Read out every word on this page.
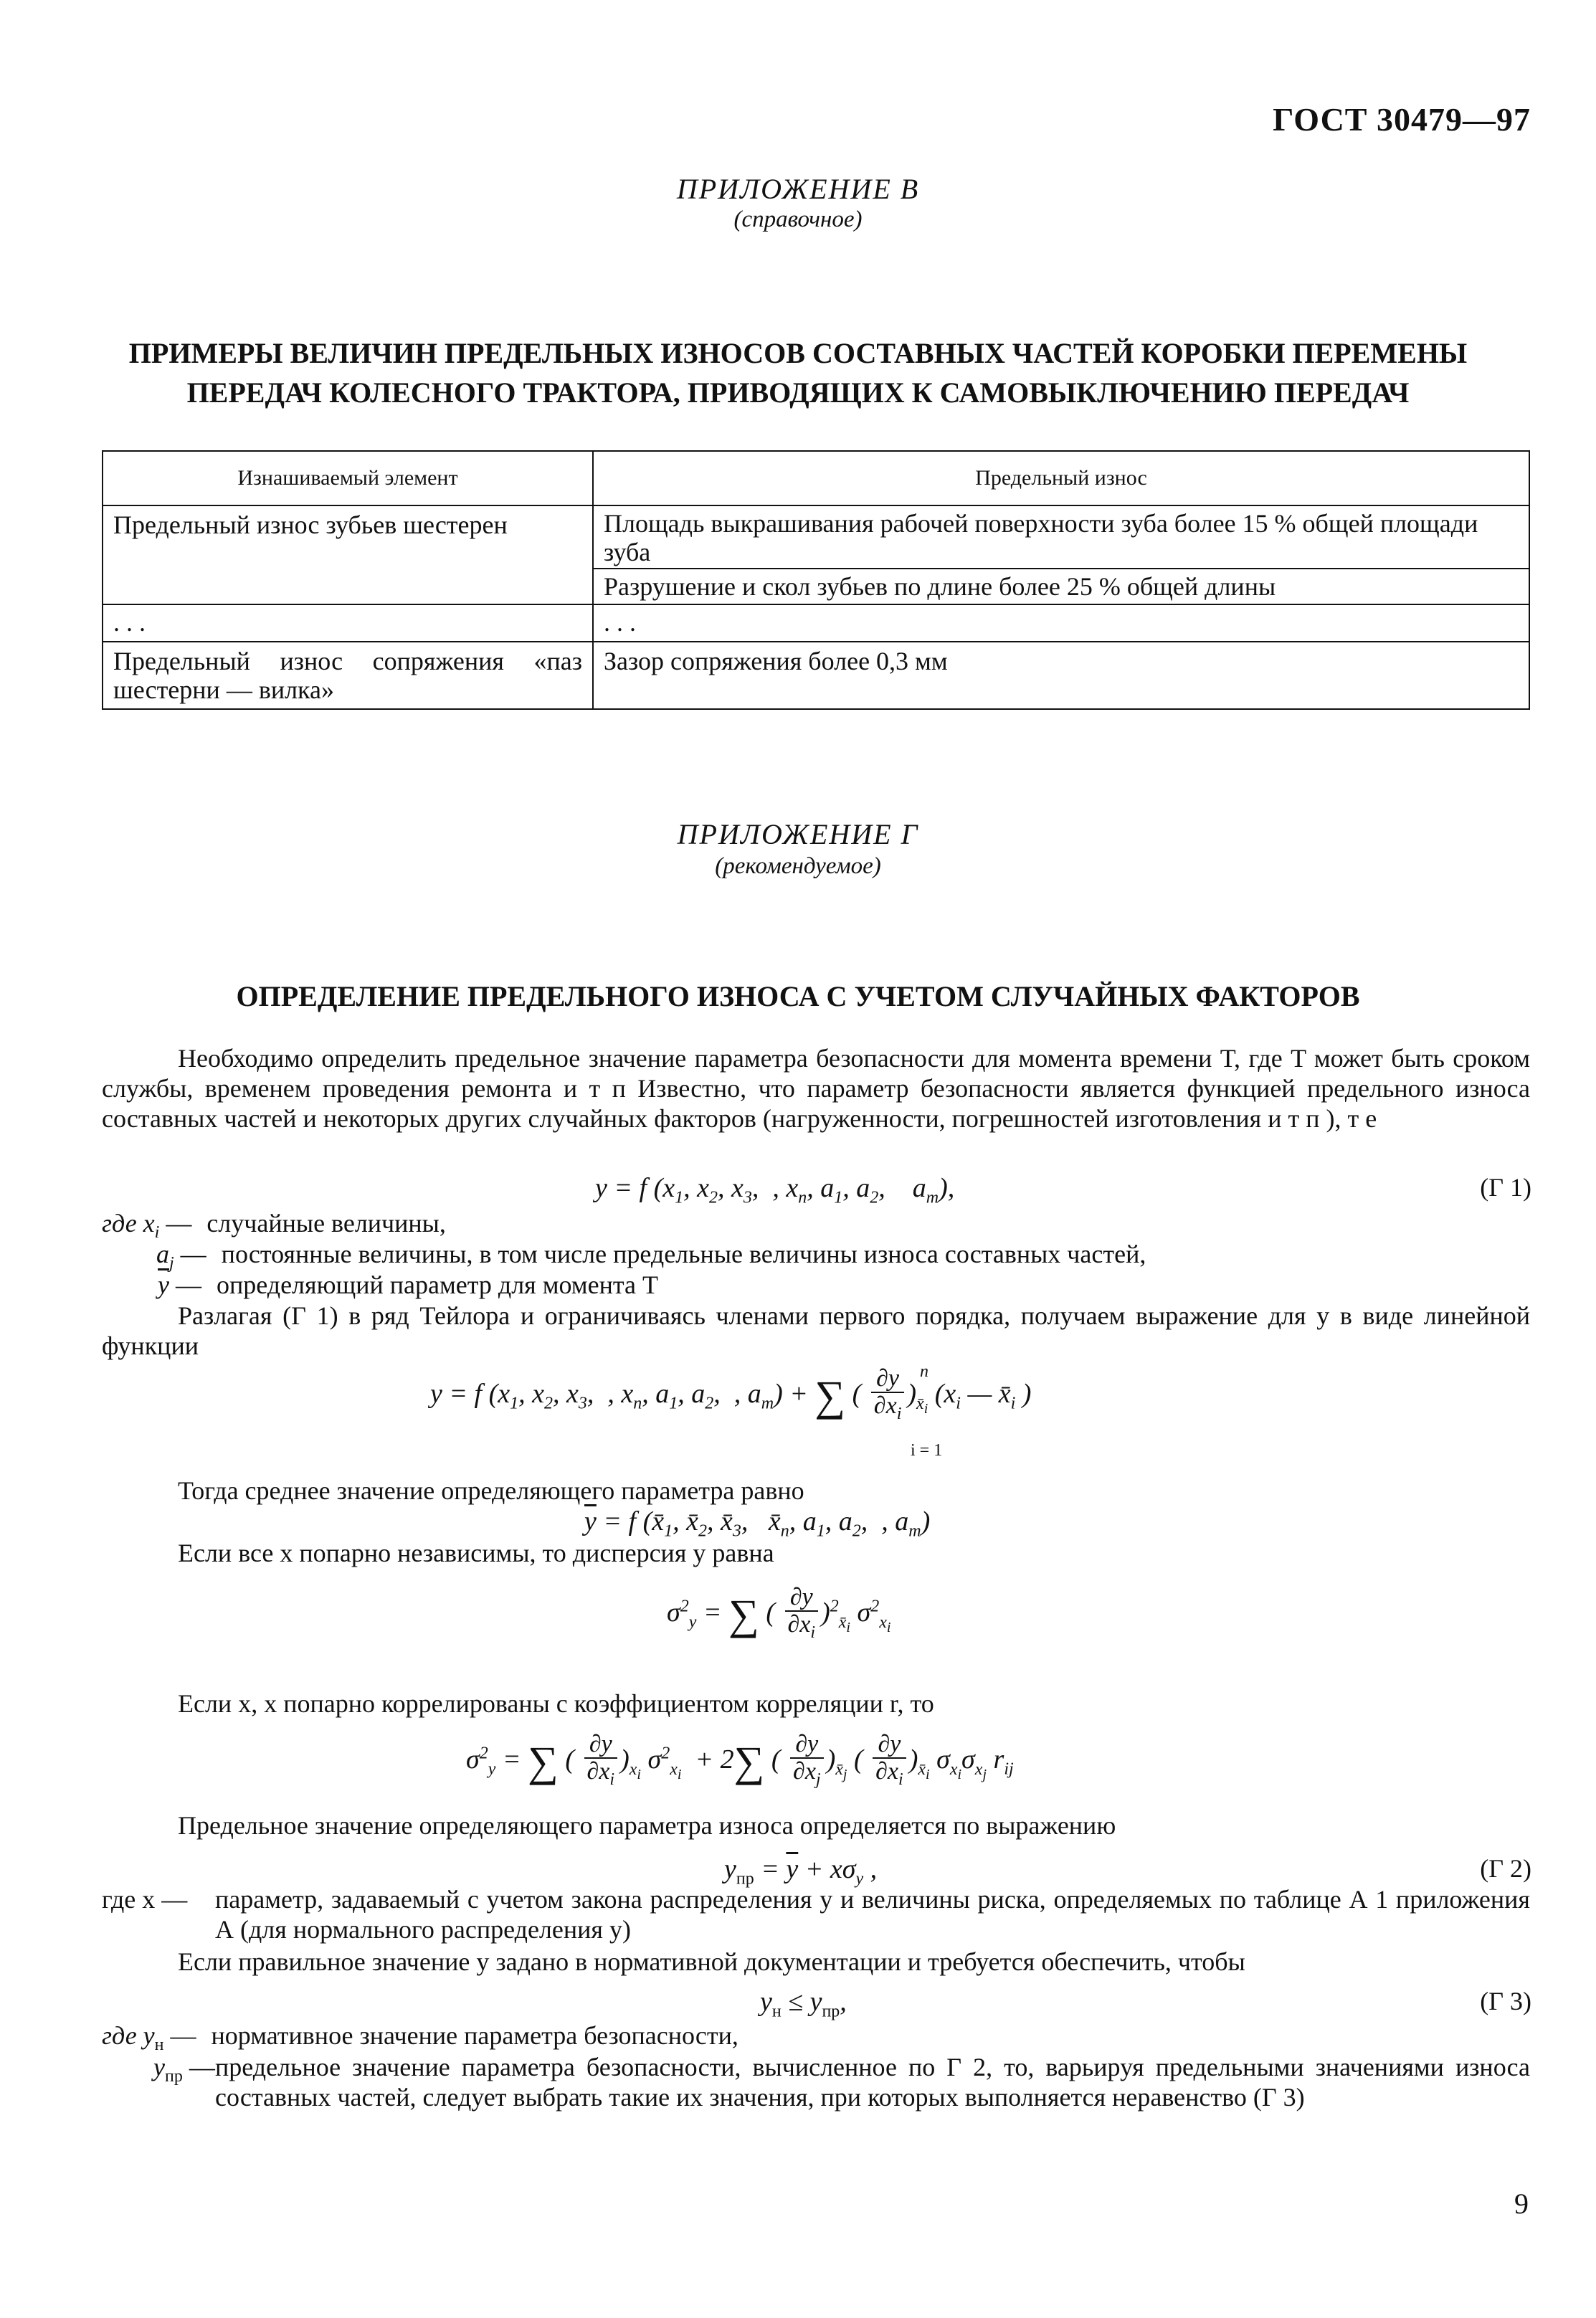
ГОСТ 30479—97
ПРИЛОЖЕНИЕ В
(справочное)
ПРИМЕРЫ ВЕЛИЧИН ПРЕДЕЛЬНЫХ ИЗНОСОВ СОСТАВНЫХ ЧАСТЕЙ КОРОБКИ ПЕРЕМЕНЫ
ПЕРЕДАЧ КОЛЕСНОГО ТРАКТОРА, ПРИВОДЯЩИХ К САМОВЫКЛЮЧЕНИЮ ПЕРЕДАЧ
Изнашиваемый элемент	Предельный износ
Предельный износ зубьев шестерен	Площадь выкрашивания рабочей поверхности зуба более 15 % общей площади зуба
	Разрушение и скол зубьев по длине более 25 % общей длины
. . .	. . .
Предельный износ сопряжения «паз шестерни — вилка»	Зазор сопряжения более 0,3 мм
ПРИЛОЖЕНИЕ Г
(рекомендуемое)
ОПРЕДЕЛЕНИЕ ПРЕДЕЛЬНОГО ИЗНОСА С УЧЕТОМ СЛУЧАЙНЫХ ФАКТОРОВ
Необходимо определить предельное значение параметра безопасности для момента времени T, где T может быть сроком службы, временем проведения ремонта и т п Известно, что параметр безопасности является функцией предельного износа составных частей и некоторых других случайных факторов (нагруженности, погрешностей изготовления и т п ), т е
y = f ($x_1$, $x_2$, $x_3$,  , $x_n$, $a_1$, $a_2$,    $a_m$),	(Г 1)
где $x_i$ — случайные величины,
$a_j$ — постоянные величины, в том числе предельные величины износа составных частей,
$\overline{y}$ — определяющий параметр для момента T
Разлагая (Г 1) в ряд Тейлора и ограничиваясь членами первого порядка, получаем выражение для y в виде линейной функции
y = f ($x_1$, $x_2$, $x_3$,  , $x_n$, $a_1$, $a_2$,  , $a_m$) + ∑ ( $\frac{\partial y}{\partial x_i} )_{x̄_i}$ ($x_i$ — $x̄_i$ )
n
i = 1
Тогда среднее значение определяющего параметра равно
$\overline{y} = f$ ($x̄_1$, $x̄_2$, $x̄_3$,   $x̄_n$, $a_1$, $a_2$,  , $a_m$)
Если все x попарно независимы, то дисперсия y равна
$\sigma^2_y$ = ∑ ( $\frac{\partial y}{\partial x_i} )^2_{x̄_i}$ $\sigma^2_{x_i}$
Если x, x попарно коррелированы с коэффициентом корреляции r, то
$\sigma^2_y$ = ∑ ( $\frac{\partial y}{\partial x_i} )_{x_i}$ $\sigma^2_{x_i} + 2\sum$ ( $\frac{\partial y}{\partial x_j} )_{x̄_j}$ ( $\frac{\partial y}{\partial x_i} )_{x̄_i}$ $\sigma_{x_i}\sigma_{x_j}$ $r_{ij}$
Предельное значение определяющего параметра износа определяется по выражению
$y_{пр} = \overline{y} + x\sigma_y$ ,	(Г 2)
где x — параметр, задаваемый с учетом закона распределения y и величины риска, определяемых по таблице А 1 приложения А (для нормального распределения y)
Если правильное значение y задано в нормативной документации и требуется обеспечить, чтобы
$y_н \le y_{пр}$,	(Г 3)
где $y_н$ — нормативное значение параметра безопасности,
$y_{пр}$ — предельное значение параметра безопасности, вычисленное по Г 2, то, варьируя предельными значениями износа составных частей, следует выбрать такие их значения, при которых выполняется неравенство (Г 3)
9
